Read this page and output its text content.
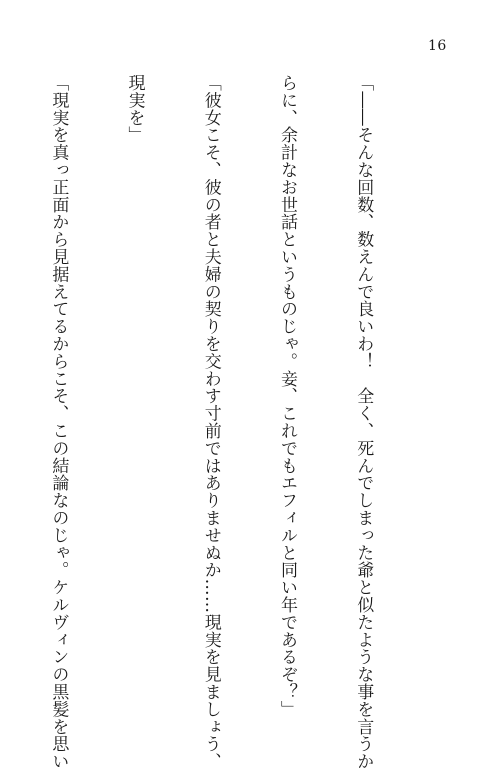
16

「――そんな回数、数えんで良いわ！　全く、死んでしまった爺と似たような事を言うか

らに、余計なお世話というものじゃ。妾、これでもエフィルと同い年であるぞ？」

「彼女こそ、彼の者と夫婦の契りを交わす寸前ではありませぬか……現実を見ましょう、

現実を」

「現実を真っ正面から見据えてるからこそ、この結論なのじゃ。ケルヴィンの黒髪を思い
